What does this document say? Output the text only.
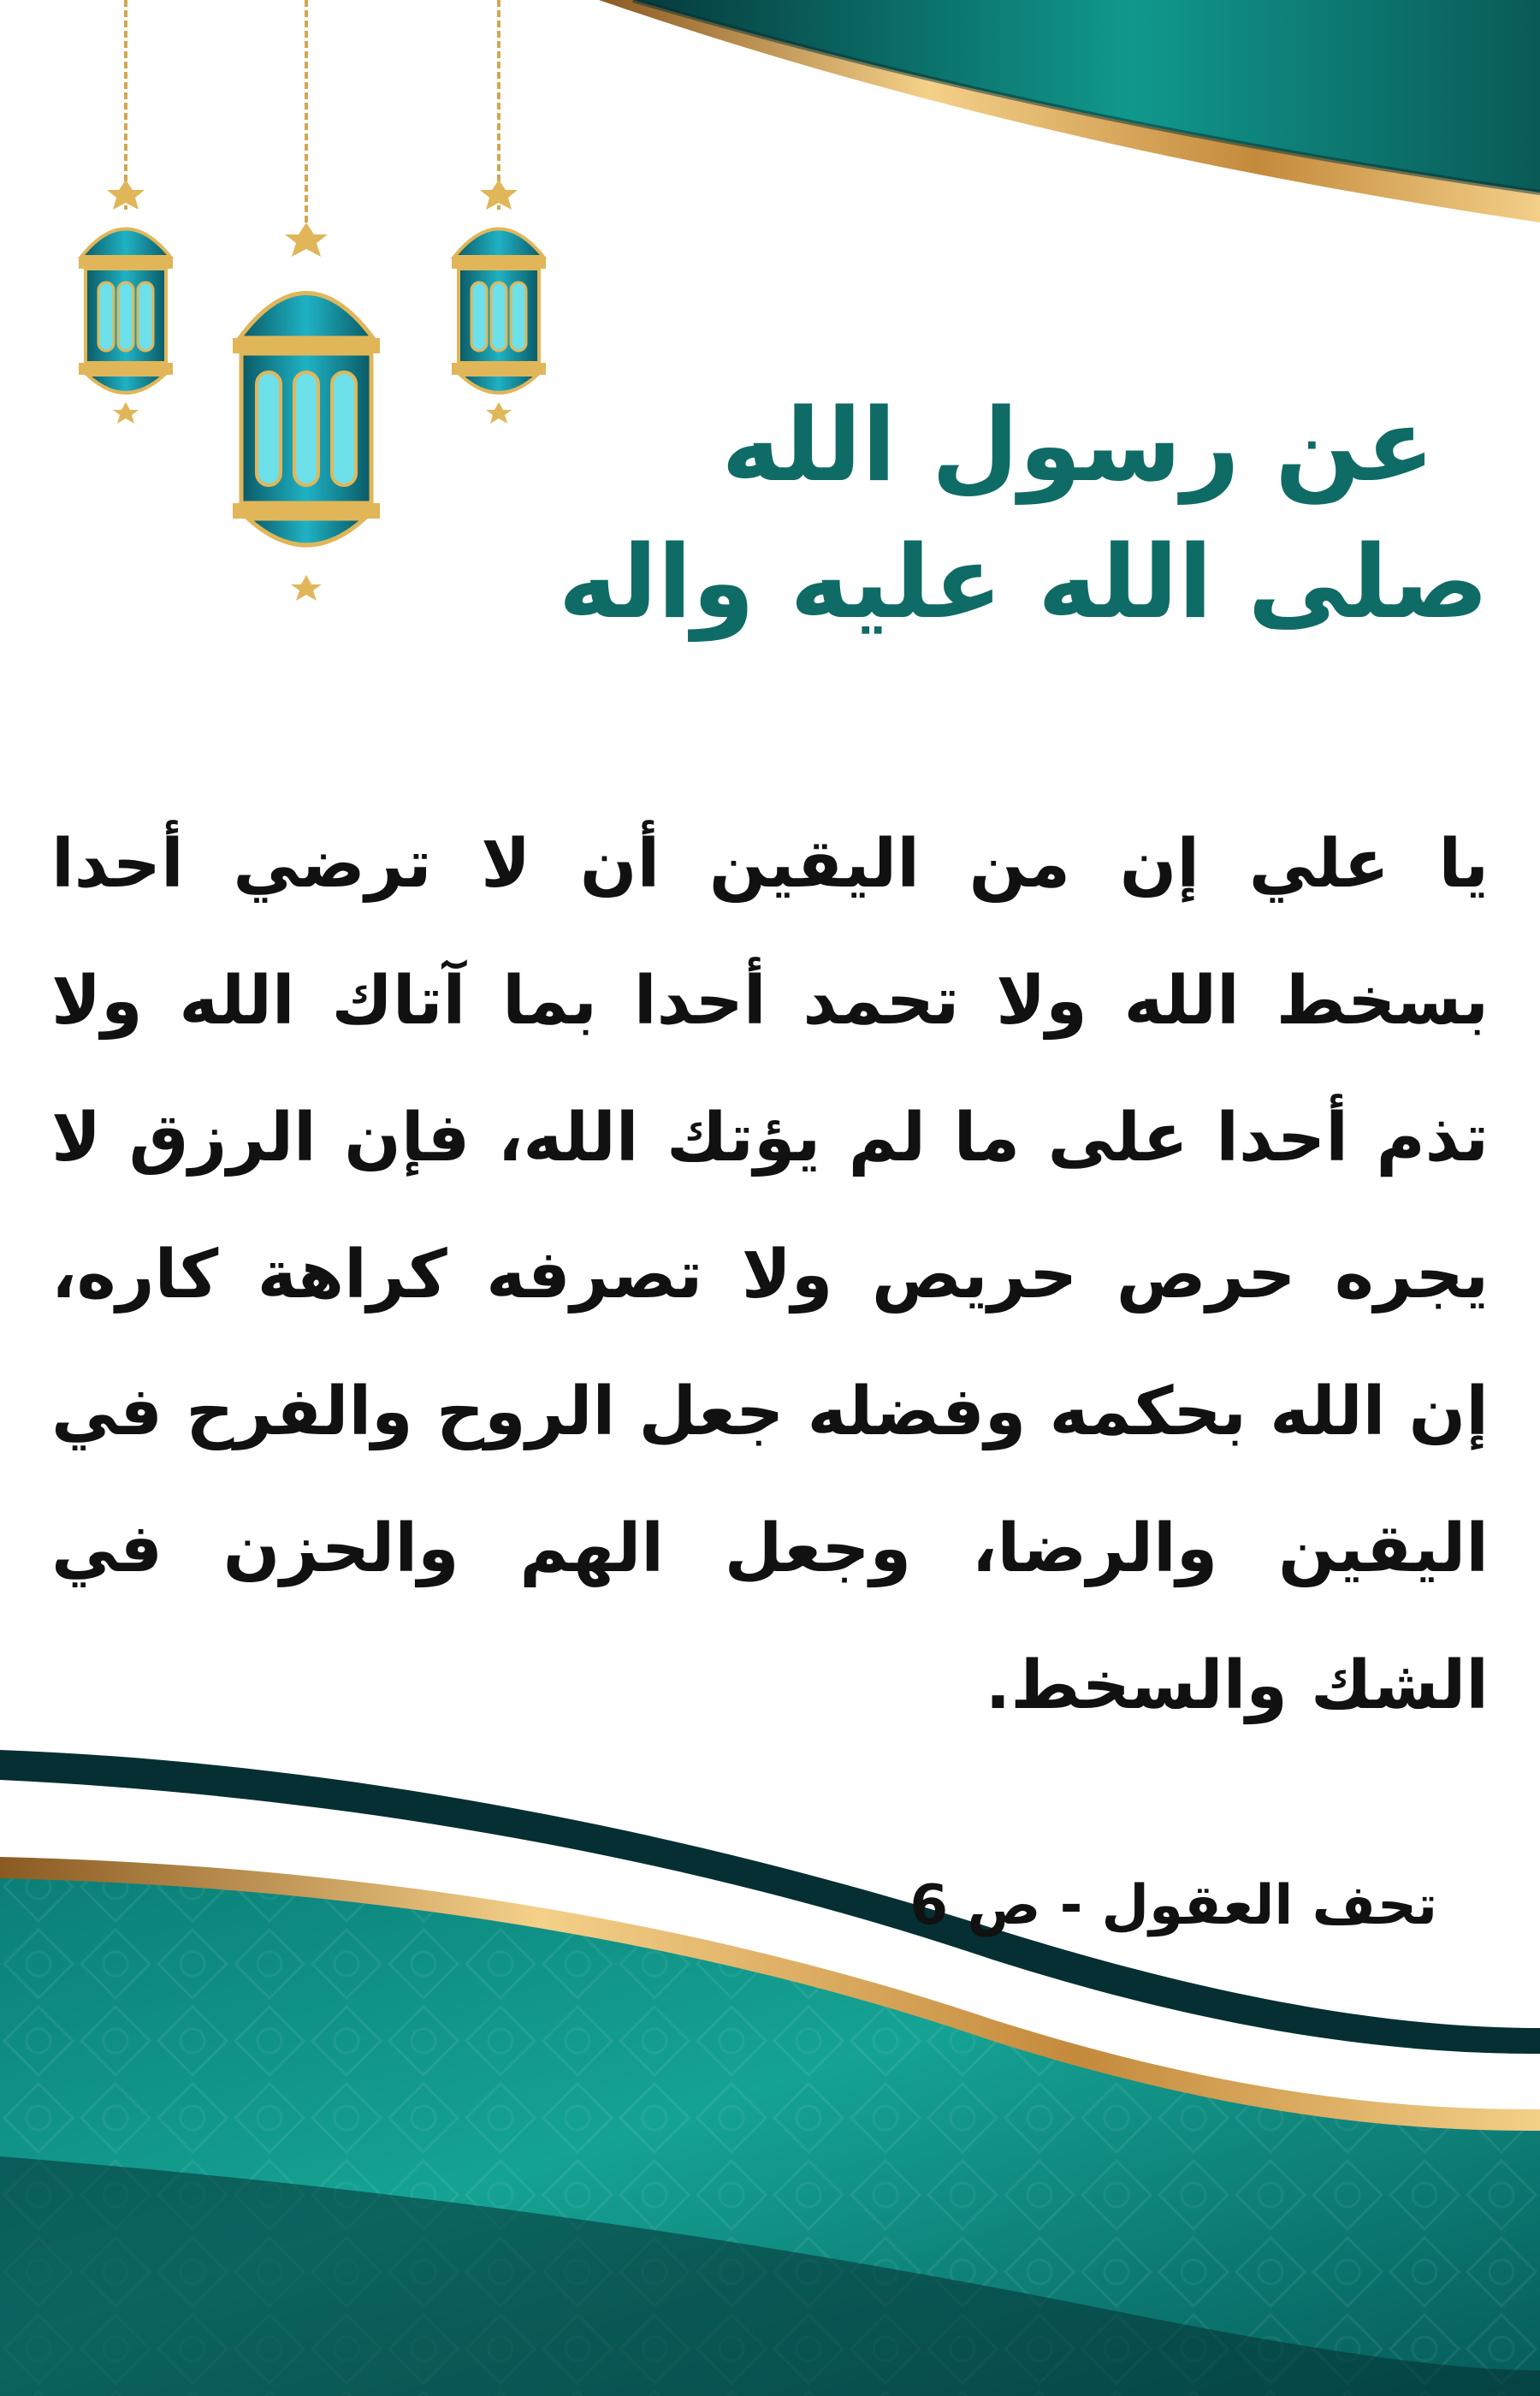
عن رسول الله
صلى الله عليه واله
يا علي إن من اليقين أن لا ترضي أحدا بسخط الله ولا تحمد أحدا بما آتاك الله ولا تذم أحدا على ما لم يؤتك الله، فإن الرزق لا يجره حرص حريص ولا تصرفه كراهة كاره، إن الله بحكمه وفضله جعل الروح والفرح في اليقين والرضا، وجعل الهم والحزن في الشك والسخط.
تحف العقول - ص 6
